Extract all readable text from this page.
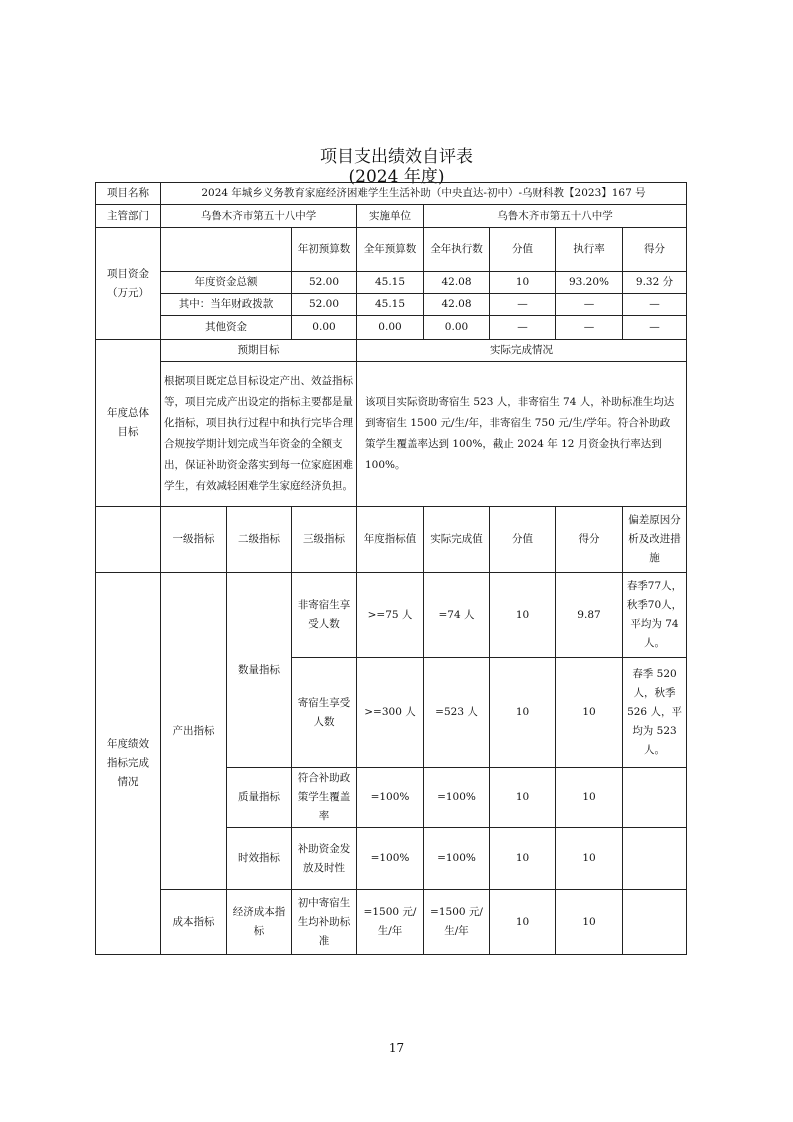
项目支出绩效自评表
(2024 年度)
项目名称	2024 年城乡义务教育家庭经济困难学生生活补助（中央直达-初中）-乌财科教【2023】167 号							
主管部门	乌鲁木齐市第五十八中学			实施单位	乌鲁木齐市第五十八中学			
项目资金
（万元）			年初预算数	全年预算数	全年执行数	分值	执行率	得分
	年度资金总额		52.00	45.15	42.08	10	93.20%	9.32 分
	其中：当年财政拨款		52.00	45.15	42.08	—	—	—
	其他资金		0.00	0.00	0.00	—	—	—
年度总体
目标	预期目标			实际完成情况				
	根据项目既定总目标设定产出、效益指标等，项目完成产出设定的指标主要都是量化指标，项目执行过程中和执行完毕合理合规按学期计划完成当年资金的全额支出，保证补助资金落实到每一位家庭困难学生，有效减轻困难学生家庭经济负担。			该项目实际资助寄宿生 523 人，非寄宿生 74 人，补助标准生均达到寄宿生 1500 元/生/年，非寄宿生 750 元/生/学年。符合补助政策学生覆盖率达到 100%，截止 2024 年 12 月资金执行率达到 100%。				
	一级指标	二级指标	三级指标	年度指标值	实际完成值	分值	得分	偏差原因分析及改进措施
年度绩效
指标完成
情况	产出指标	数量指标	非寄宿生享受人数	>=75 人	=74 人	10	9.87	春季77人，秋季70人，平均为 74 人。
			寄宿生享受人数	>=300 人	=523 人	10	10	春季 520 人，秋季 526 人，平均为 523 人。
		质量指标	符合补助政策学生覆盖率	=100%	=100%	10	10	
		时效指标	补助资金发放及时性	=100%	=100%	10	10	
	成本指标	经济成本指标	初中寄宿生生均补助标准	=1500 元/生/年	=1500 元/生/年	10	10	
17
